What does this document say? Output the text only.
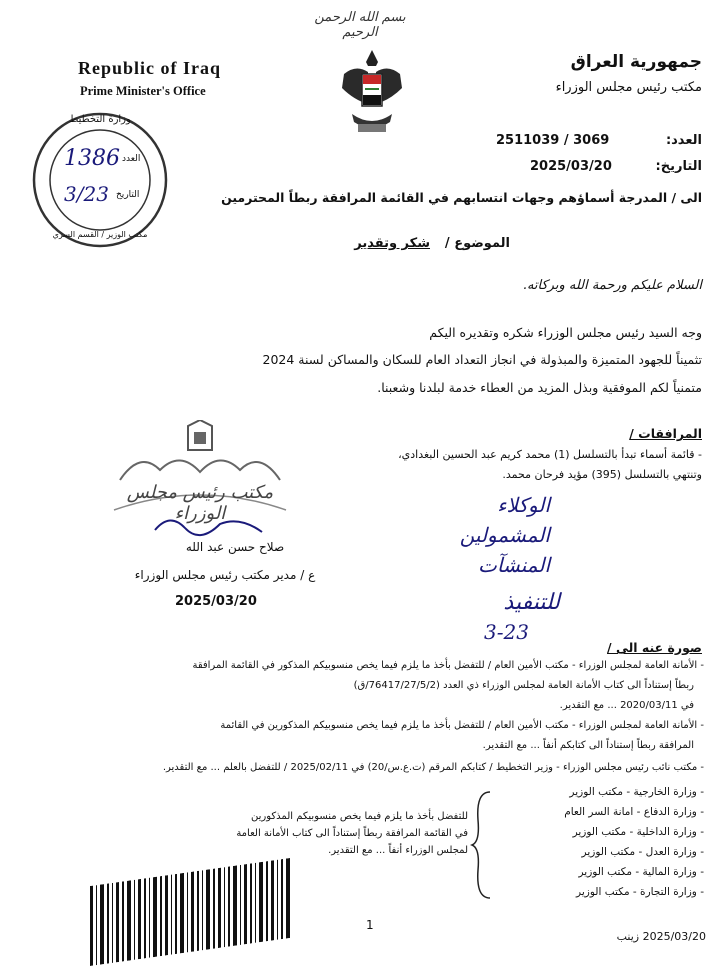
بسم الله الرحمن الرحيم
Republic of Iraq
Prime Minister's Office
جمهورية العراق
مكتب رئيس مجلس الوزراء
العدد:
2511039 / 3069
التاريخ:
2025/03/20
وزارة التخطيط
مكتب الوزير / القسم السري
العدد
1386
التاريخ
3/23	الى / المدرجة أسماؤهم وجهات انتسابهم في القائمة المرافقة ربطاً المحترمين
الموضوع /
شكر وتقدير
السلام عليكم ورحمة الله وبركاته.
وجه السيد رئيس مجلس الوزراء شكره وتقديره اليكم
تثميناً للجهود المتميزة والمبذولة في انجاز التعداد العام للسكان والمساكن لسنة 2024
متمنياً لكم الموفقية وبذل المزيد من العطاء خدمة لبلدنا وشعبنا.
المرافقات /
- قائمة أسماء تبدأ بالتسلسل (1) محمد كريم عبد الحسين البغدادي،
وتنتهي بالتسلسل (395) مؤيد فرحان محمد.
مكتب رئيس مجلس الوزراء
صلاح حسن عبد الله
ع / مدير مكتب رئيس مجلس الوزراء
2025/03/20
الوكلاء
المشمولين
المنشآت
للتنفيذ
3-23
صورة عنه الى /
- الأمانة العامة لمجلس الوزراء - مكتب الأمين العام / للتفضل بأخذ ما يلزم فيما يخص منسوبيكم المذكور في القائمة المرافقة
ربطاً إستناداً الى كتاب الأمانة العامة لمجلس الوزراء ذي العدد (76417/27/5/2/ق)
في 2020/03/11 ... مع التقدير.
- الأمانة العامة لمجلس الوزراء - مكتب الأمين العام / للتفضل بأخذ ما يلزم فيما يخص منسوبيكم المذكورين في القائمة
المرافقة ربطاً إستناداً الى كتابكم أنفاً ... مع التقدير.
- مكتب نائب رئيس مجلس الوزراء - وزير التخطيط / كتابكم المرقم (ت.ع.س/20) في 2025/02/11 / للتفضل بالعلم ... مع التقدير.
- وزارة الخارجية - مكتب الوزير
- وزارة الدفاع - امانة السر العام
- وزارة الداخلية - مكتب الوزير
- وزارة العدل - مكتب الوزير
- وزارة المالية - مكتب الوزير
- وزارة التجارة - مكتب الوزير
للتفضل بأخذ ما يلزم فيما يخص منسوبيكم المذكورين
في القائمة المرافقة ربطاً إستناداً الى كتاب الأمانة العامة
لمجلس الوزراء أنفاً ... مع التقدير.
1
2025/03/20 زينب
